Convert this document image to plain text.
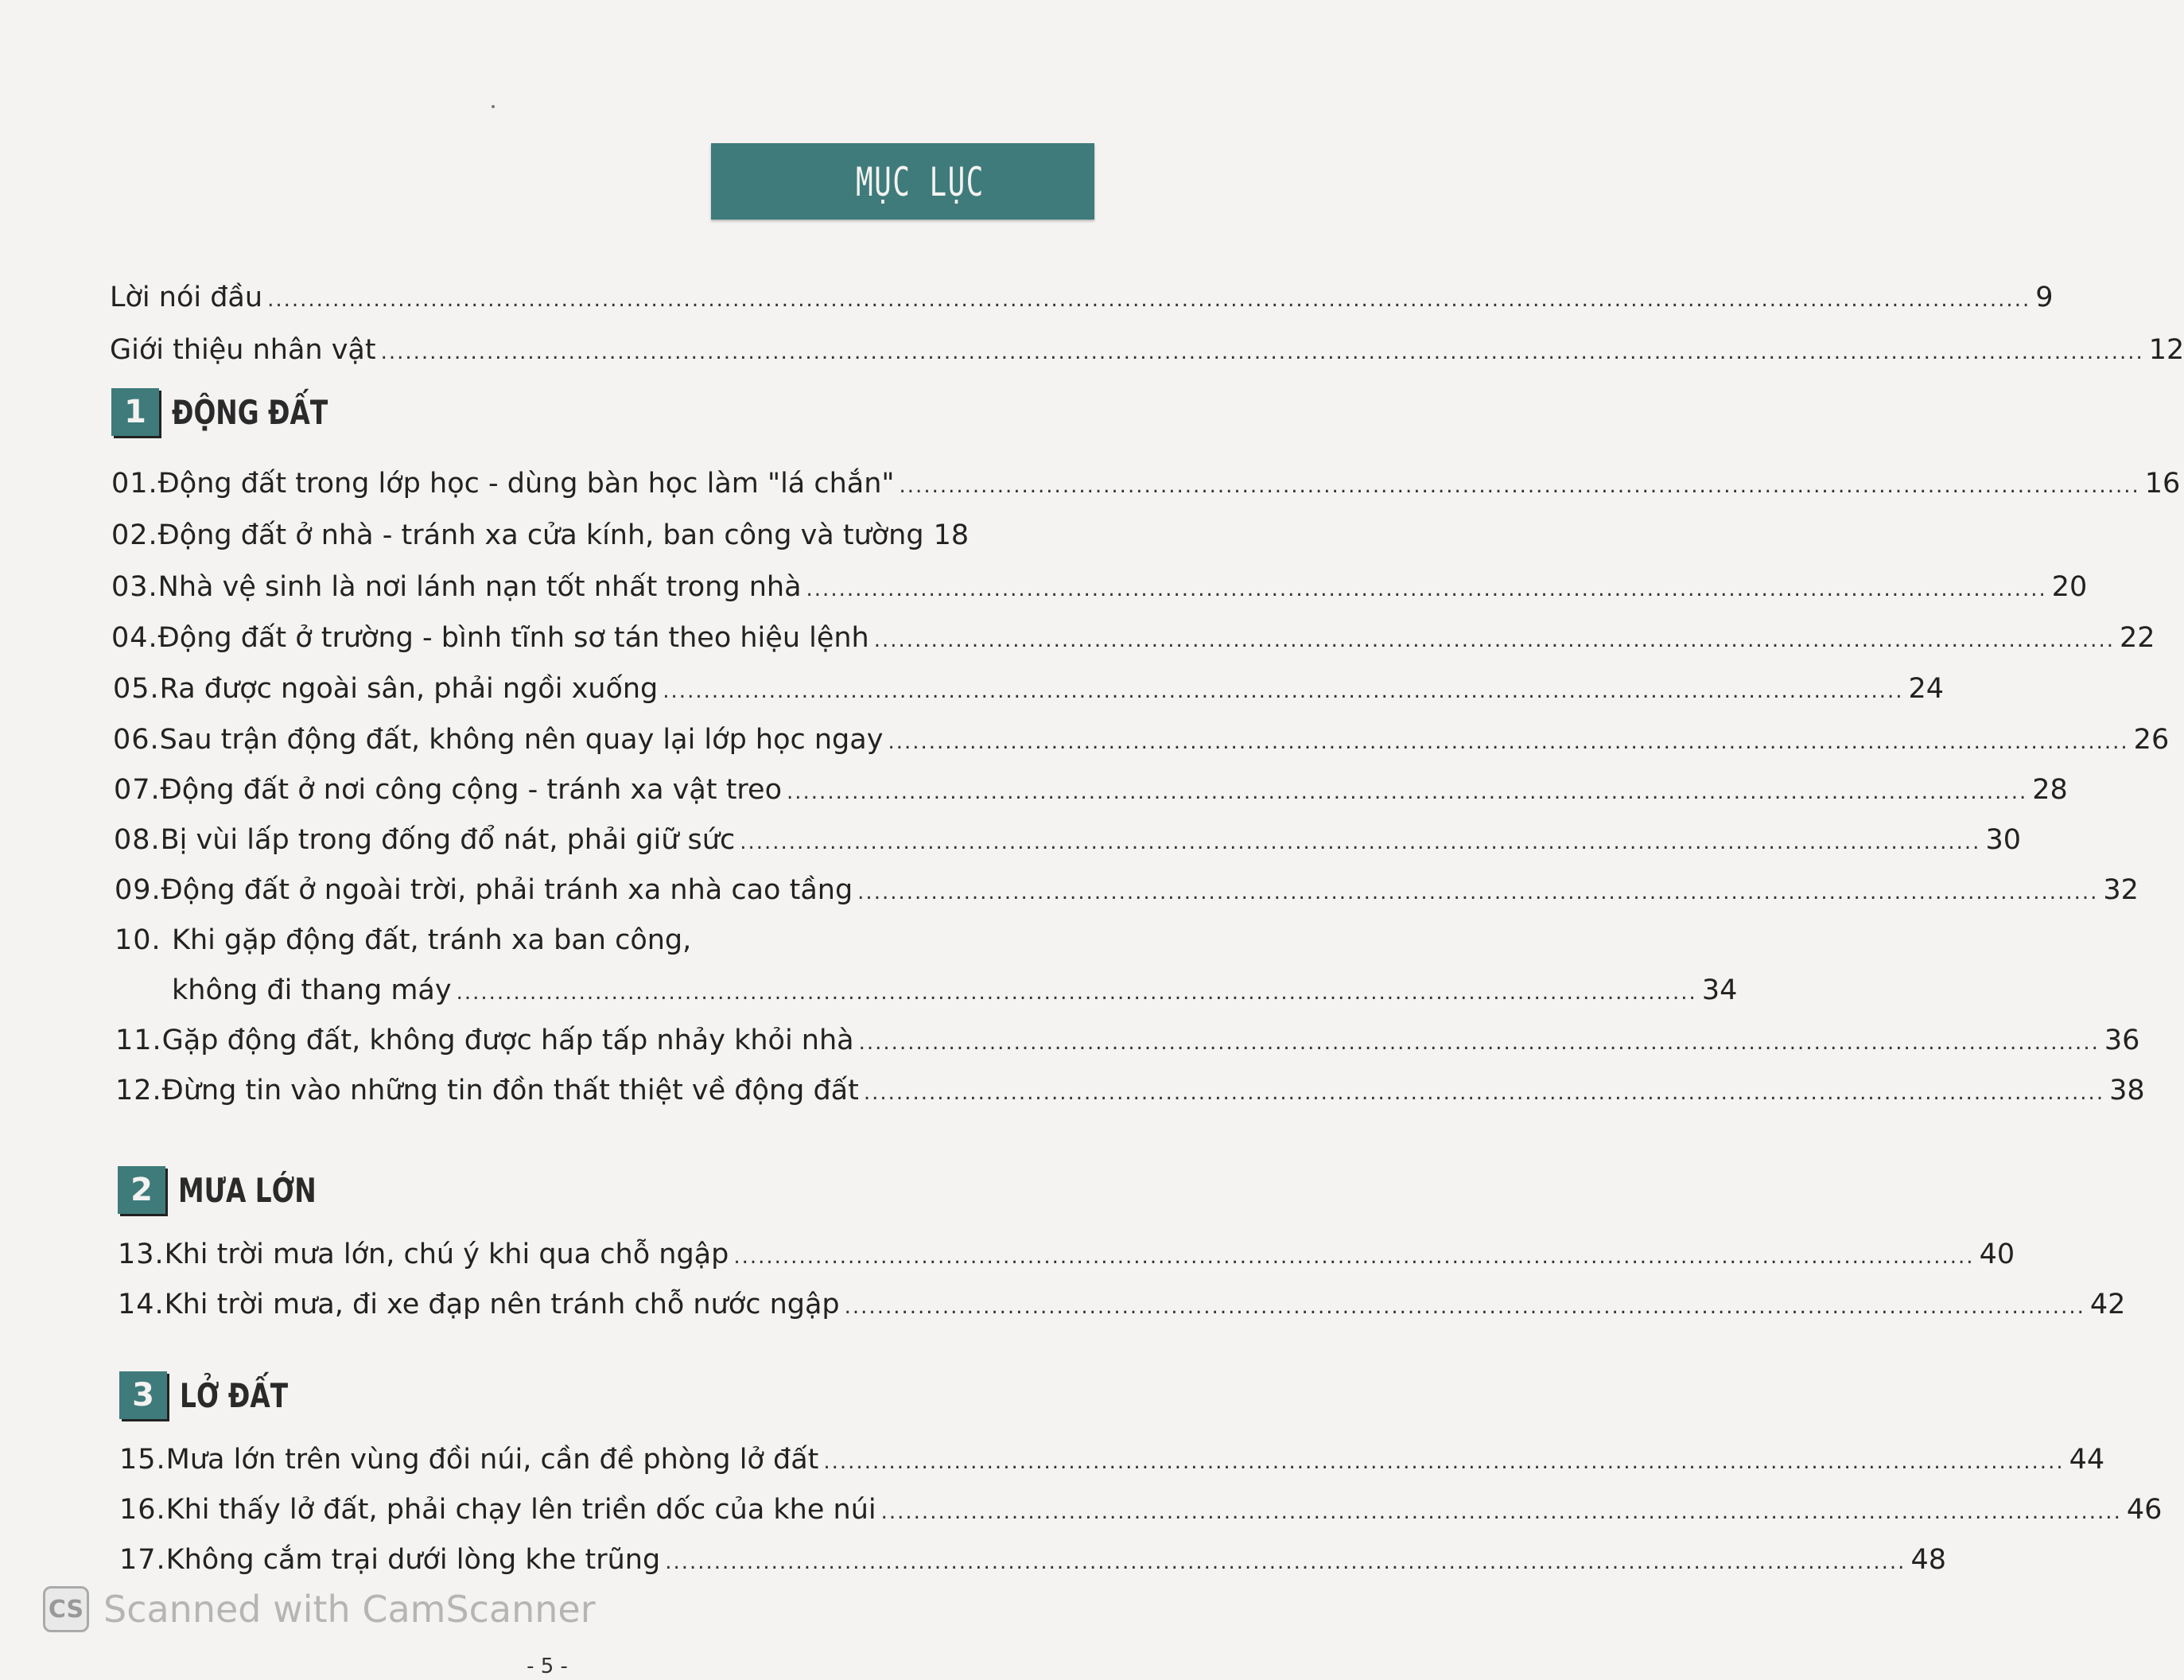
MỤC LỤC
Lời nói đầu ........................................................................................................................................................................................................................ 9
Giới thiệu nhân vật ........................................................................................................................................................................................................................ 12
1 ĐỘNG ĐẤT
01. Động đất trong lớp học - dùng bàn học làm "lá chắn" ........................................................................................................................................................ 16
02. Động đất ở nhà - tránh xa cửa kính, ban công và tường 18
03. Nhà vệ sinh là nơi lánh nạn tốt nhất trong nhà ........................................................................................................................................................ 20
04. Động đất ở trường - bình tĩnh sơ tán theo hiệu lệnh ........................................................................................................................................................ 22
05. Ra được ngoài sân, phải ngồi xuống ........................................................................................................................................................ 24
06. Sau trận động đất, không nên quay lại lớp học ngay ........................................................................................................................................................ 26
07. Động đất ở nơi công cộng - tránh xa vật treo ........................................................................................................................................................ 28
08. Bị vùi lấp trong đống đổ nát, phải giữ sức ........................................................................................................................................................ 30
09. Động đất ở ngoài trời, phải tránh xa nhà cao tầng ........................................................................................................................................................ 32
10. Khi gặp động đất, tránh xa ban công,
không đi thang máy ........................................................................................................................................................ 34
11. Gặp động đất, không được hấp tấp nhảy khỏi nhà ........................................................................................................................................................ 36
12. Đừng tin vào những tin đồn thất thiệt về động đất ........................................................................................................................................................ 38
2 MƯA LỚN
13. Khi trời mưa lớn, chú ý khi qua chỗ ngập ........................................................................................................................................................ 40
14. Khi trời mưa, đi xe đạp nên tránh chỗ nước ngập ........................................................................................................................................................ 42
3 LỞ ĐẤT
15. Mưa lớn trên vùng đồi núi, cần đề phòng lở đất ........................................................................................................................................................ 44
16. Khi thấy lở đất, phải chạy lên triền dốc của khe núi ........................................................................................................................................................ 46
17. Không cắm trại dưới lòng khe trũng ........................................................................................................................................................ 48
CS Scanned with CamScanner
- 5 -
